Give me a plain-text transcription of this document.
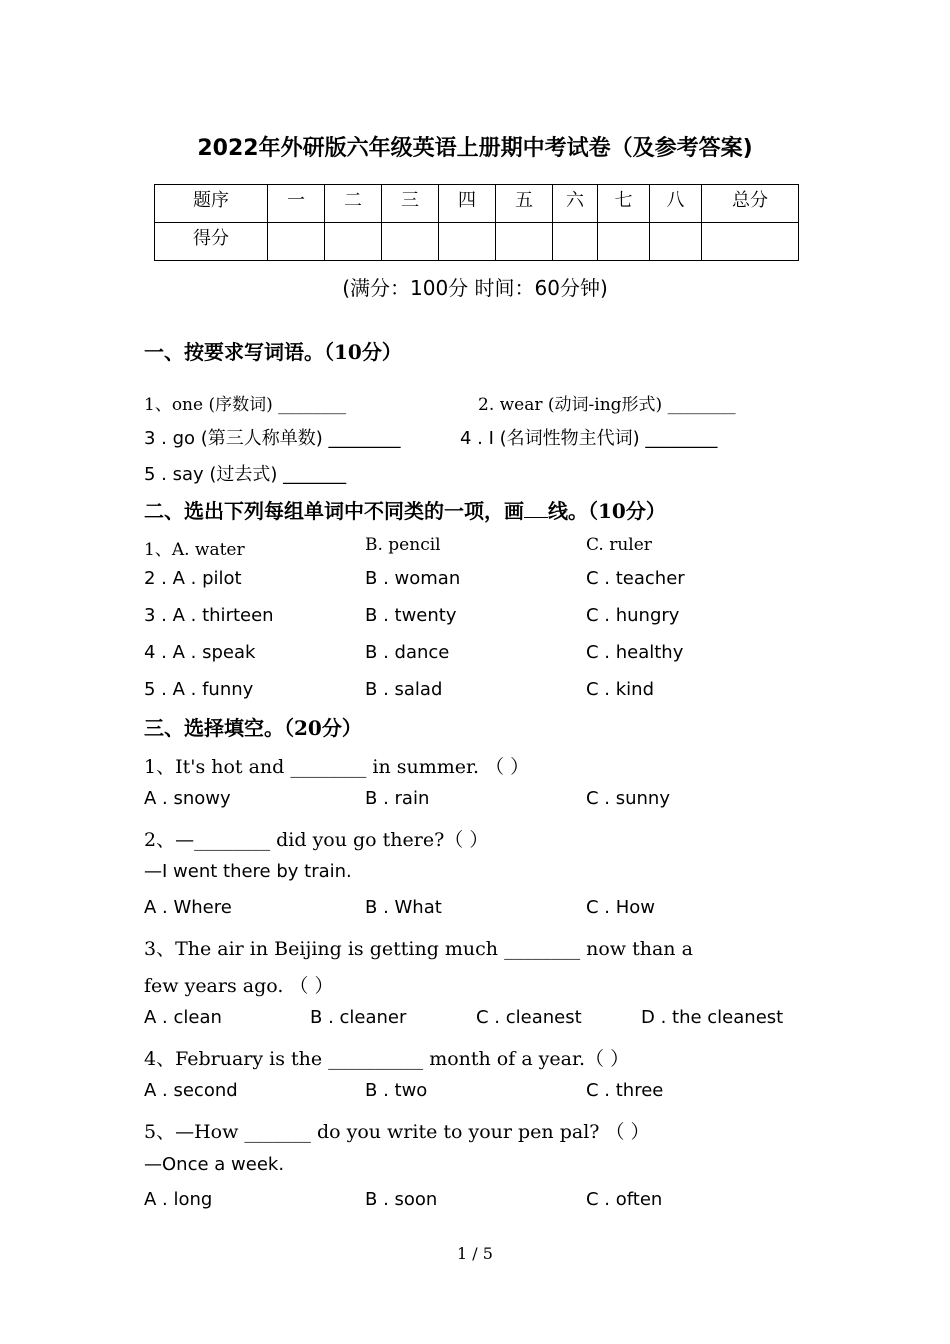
2022年外研版六年级英语上册期中考试卷（及参考答案)
题序	一	二	三	四	五	六	七	八	总分
得分									
(满分：100分 时间：60分钟)
一、按要求写词语。（10分）
1、one (序数词) ________	2. wear (动词-ing形式) ________
3 . go (第三人称单数) ________	4 . I (名词性物主代词) ________
5 . say (过去式) _______
二、选出下列每组单词中不同类的一项，画 线。（10分）
1、A. water	B. pencil	C. ruler
2 . A . pilot	B . woman	C . teacher
3 . A . thirteen	B . twenty	C . hungry
4 . A . speak	B . dance	C . healthy
5 . A . funny	B . salad	C . kind
三、选择填空。（20分）
1、It's hot and ________ in summer. （ ）
A . snowy	B . rain	C . sunny
2、—________ did you go there?（ ）
—I went there by train.
A . Where	B . What	C . How
3、The air in Beijing is getting much ________ now than a
few years ago. （ ）
A . clean	B . cleaner	C . cleanest	D . the cleanest
4、February is the __________ month of a year.（ ）
A . second	B . two	C . three
5、—How _______ do you write to your pen pal? （ ）
—Once a week.
A . long	B . soon	C . often
1 / 5
